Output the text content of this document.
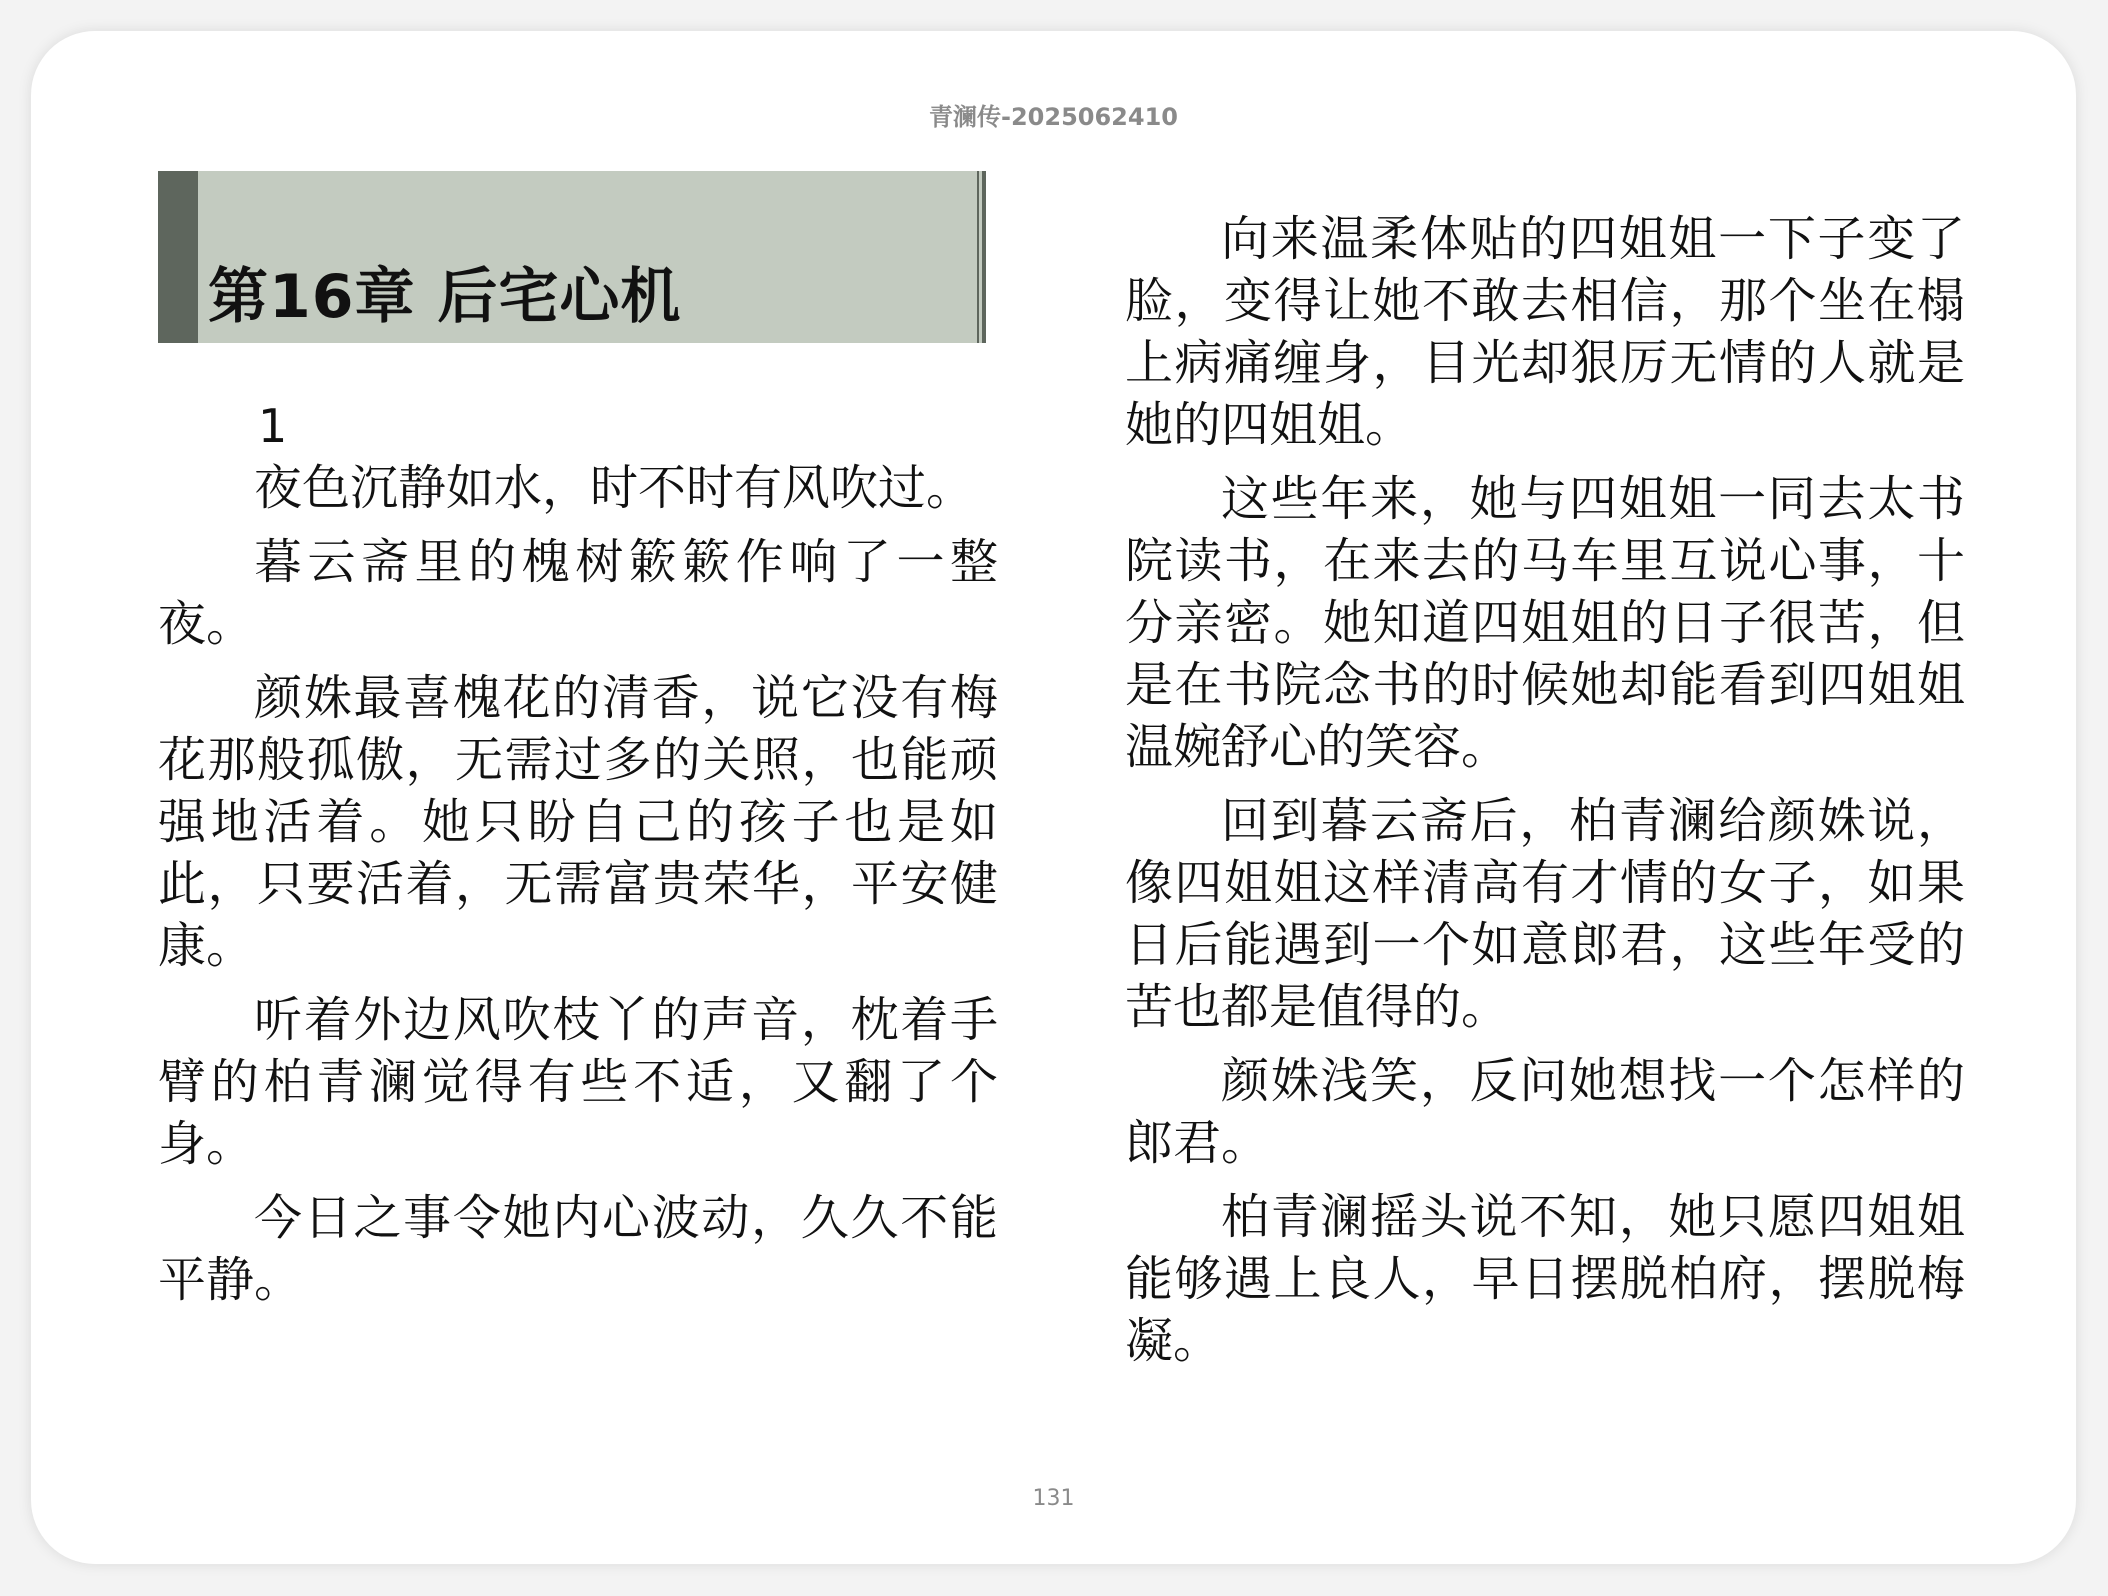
青澜传-2025062410
第16章 后宅心机
1

夜色沉静如水，时不时有风吹过。

暮云斋里的槐树簌簌作响了一整夜。

颜姝最喜槐花的清香，说它没有梅花那般孤傲，无需过多的关照，也能顽强地活着。她只盼自己的孩子也是如此，只要活着，无需富贵荣华，平安健康。

听着外边风吹枝丫的声音，枕着手臂的柏青澜觉得有些不适，又翻了个身。

今日之事令她内心波动，久久不能平静。

向来温柔体贴的四姐姐一下子变了脸，变得让她不敢去相信，那个坐在榻上病痛缠身，目光却狠厉无情的人就是她的四姐姐。

这些年来，她与四姐姐一同去太书院读书，在来去的马车里互说心事，十分亲密。她知道四姐姐的日子很苦，但是在书院念书的时候她却能看到四姐姐温婉舒心的笑容。

回到暮云斋后，柏青澜给颜姝说，像四姐姐这样清高有才情的女子，如果日后能遇到一个如意郎君，这些年受的苦也都是值得的。

颜姝浅笑，反问她想找一个怎样的郎君。

柏青澜摇头说不知，她只愿四姐姐能够遇上良人，早日摆脱柏府，摆脱梅凝。

131
